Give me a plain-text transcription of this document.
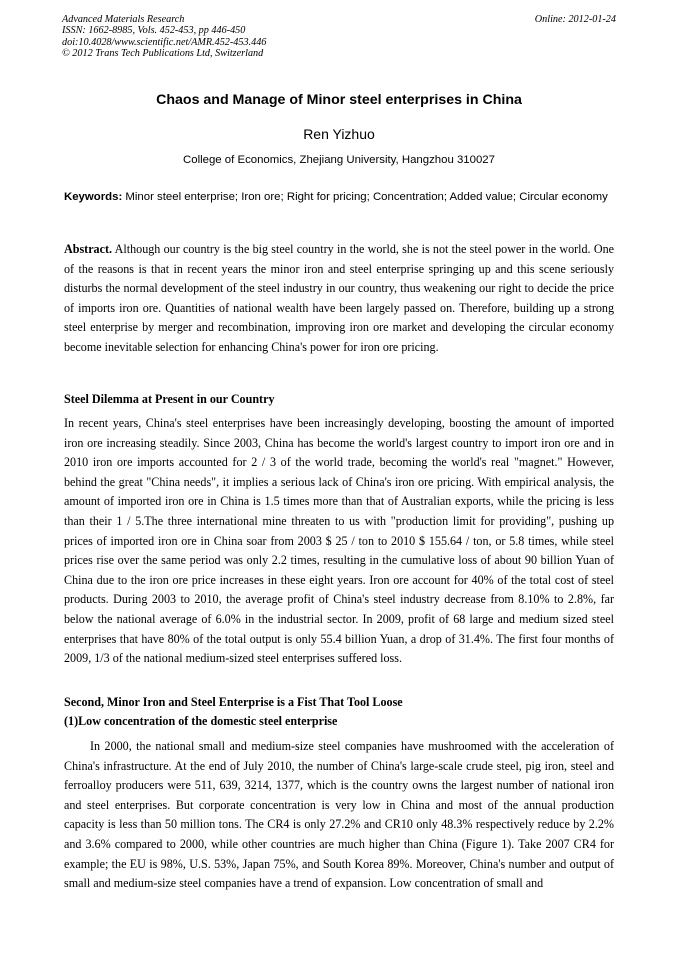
Advanced Materials Research
ISSN: 1662-8985, Vols. 452-453, pp 446-450
doi:10.4028/www.scientific.net/AMR.452-453.446
© 2012 Trans Tech Publications Ltd, Switzerland
Online: 2012-01-24
Chaos and Manage of Minor steel enterprises in China
Ren Yizhuo
College of Economics, Zhejiang University, Hangzhou 310027
Keywords: Minor steel enterprise; Iron ore; Right for pricing; Concentration; Added value; Circular economy

Abstract. Although our country is the big steel country in the world, she is not the steel power in the world. One of the reasons is that in recent years the minor iron and steel enterprise springing up and this scene seriously disturbs the normal development of the steel industry in our country, thus weakening our right to decide the price of imports iron ore. Quantities of national wealth have been largely passed on. Therefore, building up a strong steel enterprise by merger and recombination, improving iron ore market and developing the circular economy become inevitable selection for enhancing China's power for iron ore pricing.

Steel Dilemma at Present in our Country

In recent years, China's steel enterprises have been increasingly developing, boosting the amount of imported iron ore increasing steadily. Since 2003, China has become the world's largest country to import iron ore and in 2010 iron ore imports accounted for 2 / 3 of the world trade, becoming the world's real "magnet." However, behind the great "China needs", it implies a serious lack of China's iron ore pricing. With empirical analysis, the amount of imported iron ore in China is 1.5 times more than that of Australian exports, while the pricing is less than their 1 / 5.The three international mine threaten to us with "production limit for providing", pushing up prices of imported iron ore in China soar from 2003 $ 25 / ton to 2010 $ 155.64 / ton, or 5.8 times, while steel prices rise over the same period was only 2.2 times, resulting in the cumulative loss of about 90 billion Yuan of China due to the iron ore price increases in these eight years. Iron ore account for 40% of the total cost of steel products. During 2003 to 2010, the average profit of China's steel industry decrease from 8.10% to 2.8%, far below the national average of 6.0% in the industrial sector. In 2009, profit of 68 large and medium sized steel enterprises that have 80% of the total output is only 55.4 billion Yuan, a drop of 31.4%. The first four months of 2009, 1/3 of the national medium-sized steel enterprises suffered loss.

Second, Minor Iron and Steel Enterprise is a Fist That Tool Loose
(1)Low concentration of the domestic steel enterprise

In 2000, the national small and medium-size steel companies have mushroomed with the acceleration of China's infrastructure. At the end of July 2010, the number of China's large-scale crude steel, pig iron, steel and ferroalloy producers were 511, 639, 3214, 1377, which is the country owns the largest number of national iron and steel enterprises. But corporate concentration is very low in China and most of the annual production capacity is less than 50 million tons. The CR4 is only 27.2% and CR10 only 48.3% respectively reduce by 2.2% and 3.6% compared to 2000, while other countries are much higher than China (Figure 1). Take 2007 CR4 for example; the EU is 98%, U.S. 53%, Japan 75%, and South Korea 89%. Moreover, China's number and output of small and medium-size steel companies have a trend of expansion. Low concentration of small and
